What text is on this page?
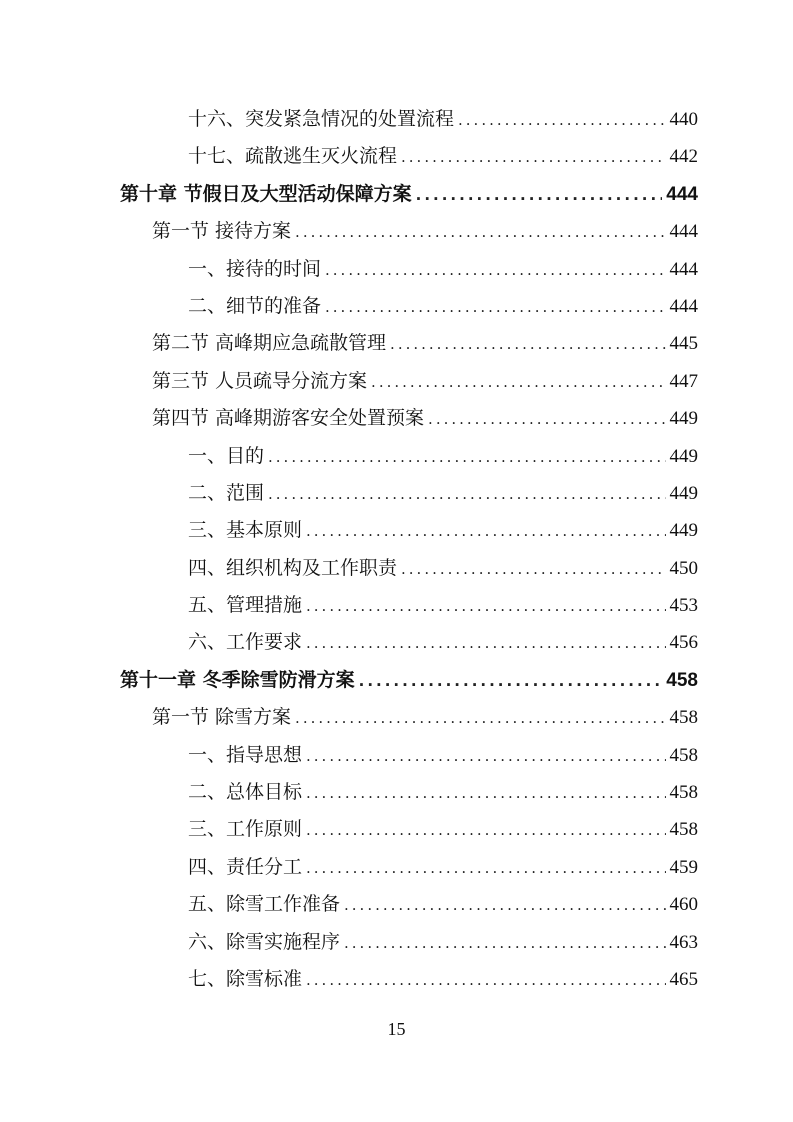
十六、突发紧急情况的处置流程 .....	440
十七、疏散逃生灭火流程 .....	442
第十章 节假日及大型活动保障方案 .....	444
第一节 接待方案 .....	444
一、接待的时间 .....	444
二、细节的准备 .....	444
第二节 高峰期应急疏散管理 .....	445
第三节 人员疏导分流方案 .....	447
第四节 高峰期游客安全处置预案 .....	449
一、目的 .....	449
二、范围 .....	449
三、基本原则 .....	449
四、组织机构及工作职责 .....	450
五、管理措施 .....	453
六、工作要求 .....	456
第十一章 冬季除雪防滑方案 .....	458
第一节 除雪方案 .....	458
一、指导思想 .....	458
二、总体目标 .....	458
三、工作原则 .....	458
四、责任分工 .....	459
五、除雪工作准备 .....	460
六、除雪实施程序 .....	463
七、除雪标准 .....	465
15
